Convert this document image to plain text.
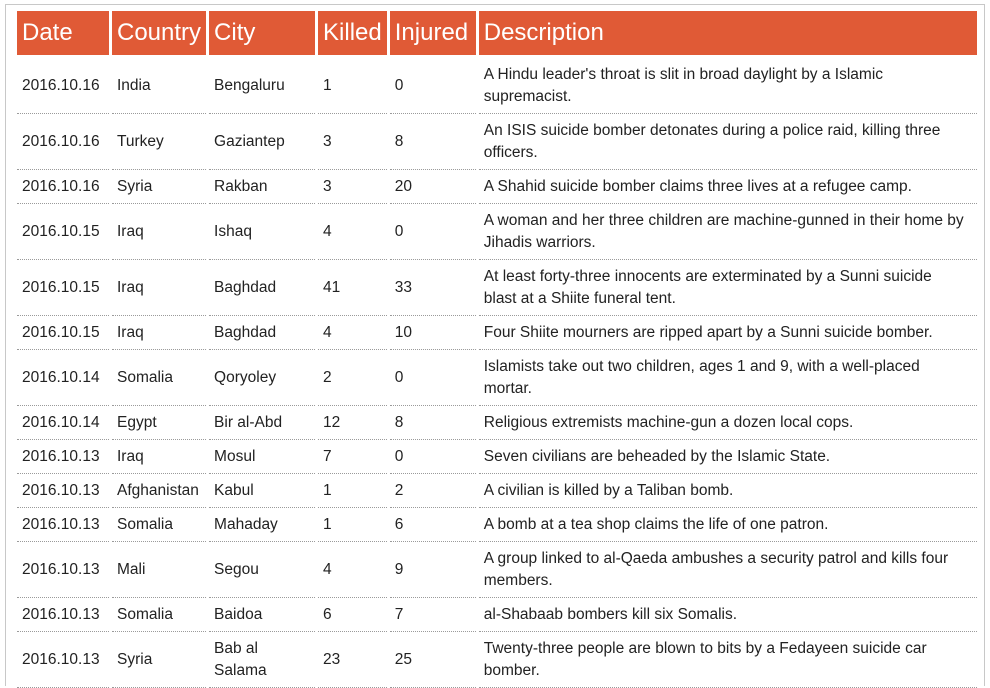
Date	Country	City	Killed	Injured	Description
2016.10.16	India	Bengaluru	1	0	A Hindu leader's throat is slit in broad daylight by a Islamic supremacist.
2016.10.16	Turkey	Gaziantep	3	8	An ISIS suicide bomber detonates during a police raid, killing three officers.
2016.10.16	Syria	Rakban	3	20	A Shahid suicide bomber claims three lives at a refugee camp.
2016.10.15	Iraq	Ishaq	4	0	A woman and her three children are machine-gunned in their home by Jihadis warriors.
2016.10.15	Iraq	Baghdad	41	33	At least forty-three innocents are exterminated by a Sunni suicide blast at a Shiite funeral tent.
2016.10.15	Iraq	Baghdad	4	10	Four Shiite mourners are ripped apart by a Sunni suicide bomber.
2016.10.14	Somalia	Qoryoley	2	0	Islamists take out two children, ages 1 and 9, with a well-placed mortar.
2016.10.14	Egypt	Bir al-Abd	12	8	Religious extremists machine-gun a dozen local cops.
2016.10.13	Iraq	Mosul	7	0	Seven civilians are beheaded by the Islamic State.
2016.10.13	Afghanistan	Kabul	1	2	A civilian is killed by a Taliban bomb.
2016.10.13	Somalia	Mahaday	1	6	A bomb at a tea shop claims the life of one patron.
2016.10.13	Mali	Segou	4	9	A group linked to al-Qaeda ambushes a security patrol and kills four members.
2016.10.13	Somalia	Baidoa	6	7	al-Shabaab bombers kill six Somalis.
2016.10.13	Syria	Bab al Salama	23	25	Twenty-three people are blown to bits by a Fedayeen suicide car bomber.
